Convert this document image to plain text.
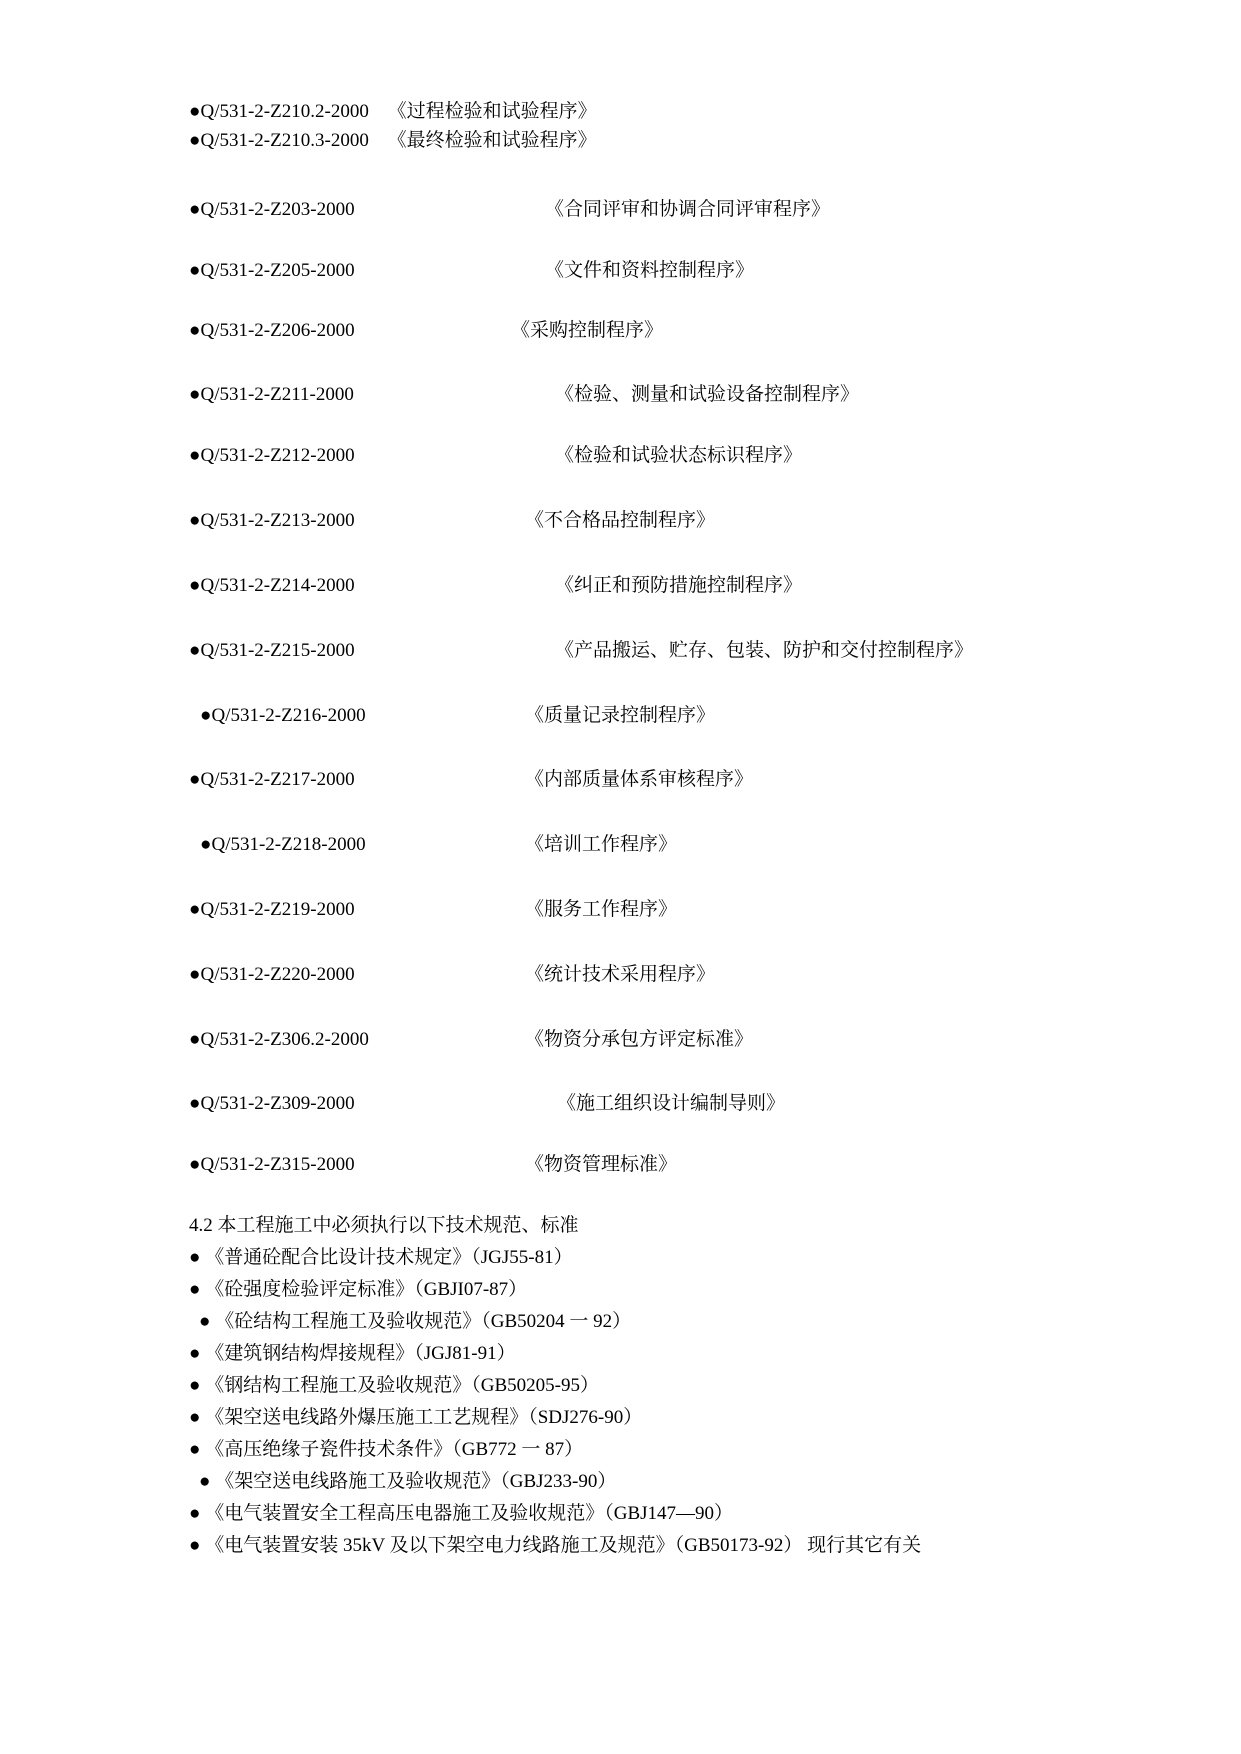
●Q/531-2-Z210.2-2000 《过程检验和试验程序》
●Q/531-2-Z210.3-2000 《最终检验和试验程序》
●Q/531-2-Z203-2000	《合同评审和协调合同评审程序》
●Q/531-2-Z205-2000	《文件和资料控制程序》
●Q/531-2-Z206-2000	《采购控制程序》
●Q/531-2-Z211-2000	《检验、测量和试验设备控制程序》
●Q/531-2-Z212-2000	《检验和试验状态标识程序》
●Q/531-2-Z213-2000	《不合格品控制程序》
●Q/531-2-Z214-2000	《纠正和预防措施控制程序》
●Q/531-2-Z215-2000	《产品搬运、贮存、包装、防护和交付控制程序》
●Q/531-2-Z216-2000	《质量记录控制程序》
●Q/531-2-Z217-2000	《内部质量体系审核程序》
●Q/531-2-Z218-2000	《培训工作程序》
●Q/531-2-Z219-2000	《服务工作程序》
●Q/531-2-Z220-2000	《统计技术采用程序》
●Q/531-2-Z306.2-2000	《物资分承包方评定标准》
●Q/531-2-Z309-2000	《施工组织设计编制导则》
●Q/531-2-Z315-2000	《物资管理标准》
4.2 本工程施工中必须执行以下技术规范、标准
● 《普通砼配合比设计技术规定》（JGJ55-81）
● 《砼强度检验评定标准》（GBJI07-87）
● 《砼结构工程施工及验收规范》（GB50204 一 92）
● 《建筑钢结构焊接规程》（JGJ81-91）
● 《钢结构工程施工及验收规范》（GB50205-95）
● 《架空送电线路外爆压施工工艺规程》（SDJ276-90）
● 《高压绝缘子瓷件技术条件》（GB772 一 87）
● 《架空送电线路施工及验收规范》（GBJ233-90）
● 《电气装置安全工程高压电器施工及验收规范》（GBJ147—90）
● 《电气装置安装 35kV 及以下架空电力线路施工及规范》（GB50173-92） 现行其它有关
